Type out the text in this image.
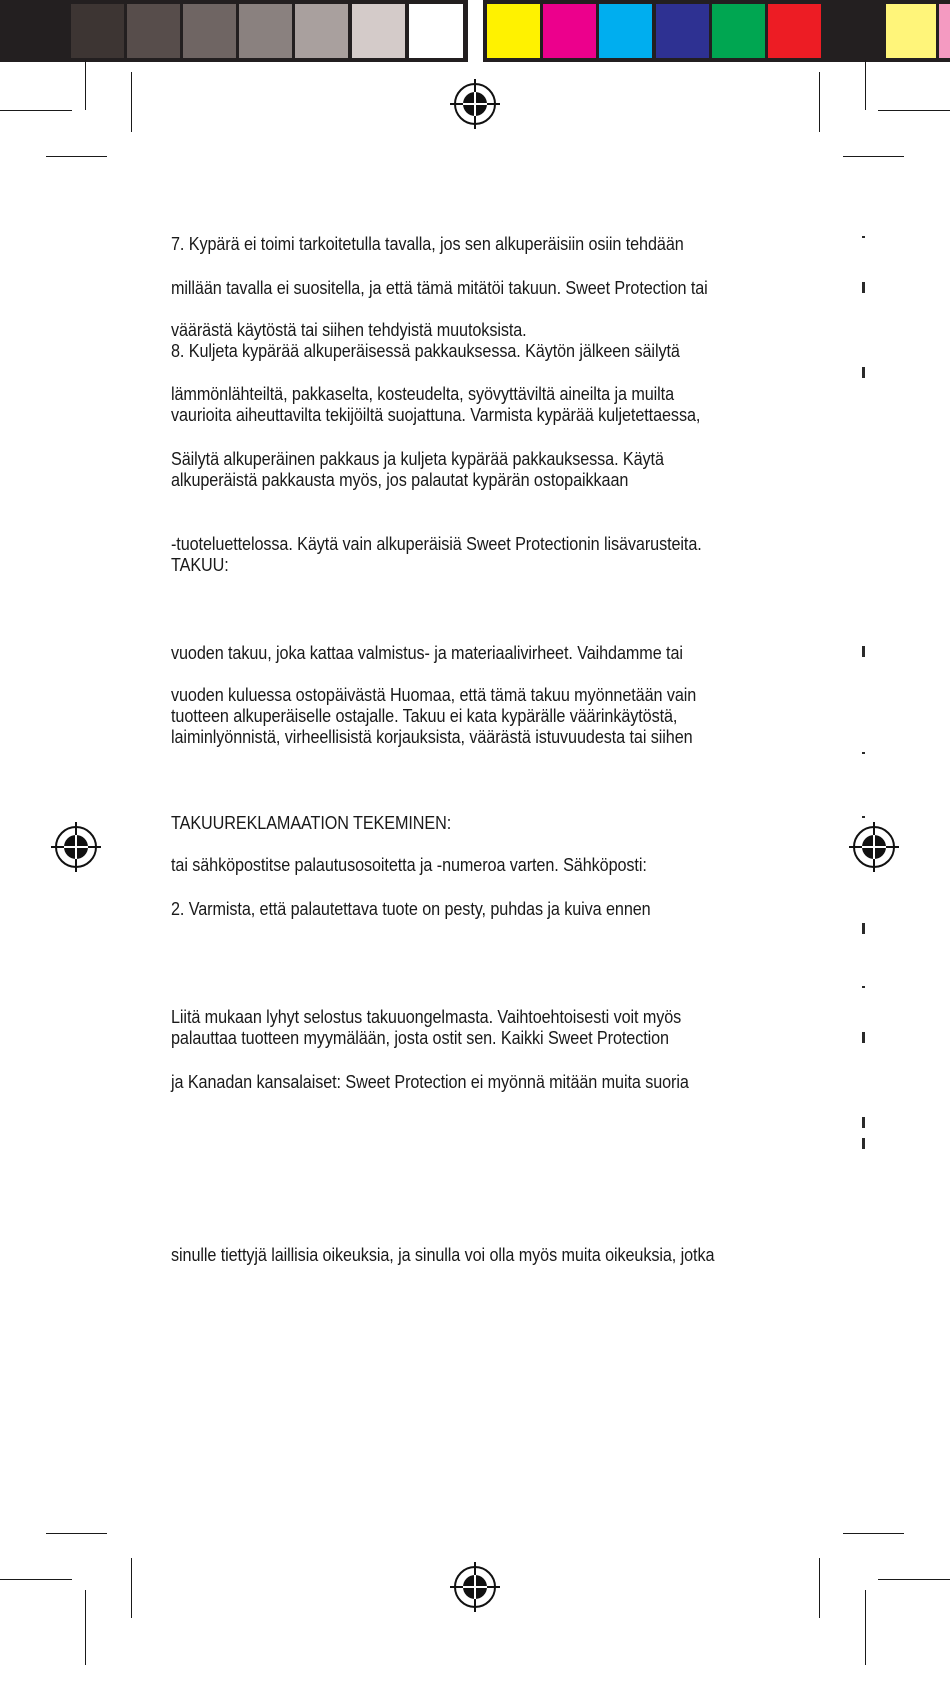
7. Kypärä ei toimi tarkoitetulla tavalla, jos sen alkuperäisiin osiin tehdään
millään tavalla ei suositella, ja että tämä mitätöi takuun. Sweet Protection tai
väärästä käytöstä tai siihen tehdyistä muutoksista.
8. Kuljeta kypärää alkuperäisessä pakkauksessa. Käytön jälkeen säilytä
lämmönlähteiltä, pakkaselta, kosteudelta, syövyttäviltä aineilta ja muilta
vaurioita aiheuttavilta tekijöiltä suojattuna. Varmista kypärää kuljetettaessa,
Säilytä alkuperäinen pakkaus ja kuljeta kypärää pakkauksessa. Käytä
alkuperäistä pakkausta myös, jos palautat kypärän ostopaikkaan
-tuoteluettelossa. Käytä vain alkuperäisiä Sweet Protectionin lisävarusteita.
TAKUU:
vuoden takuu, joka kattaa valmistus- ja materiaalivirheet. Vaihdamme tai
vuoden kuluessa ostopäivästä Huomaa, että tämä takuu myönnetään vain
tuotteen alkuperäiselle ostajalle. Takuu ei kata kypärälle väärinkäytöstä,
laiminlyönnistä, virheellisistä korjauksista, väärästä istuvuudesta tai siihen
TAKUUREKLAMAATION TEKEMINEN:
tai sähköpostitse palautusosoitetta ja -numeroa varten. Sähköposti:
2. Varmista, että palautettava tuote on pesty, puhdas ja kuiva ennen
Liitä mukaan lyhyt selostus takuuongelmasta. Vaihtoehtoisesti voit myös
palauttaa tuotteen myymälään, josta ostit sen. Kaikki Sweet Protection
ja Kanadan kansalaiset: Sweet Protection ei myönnä mitään muita suoria
sinulle tiettyjä laillisia oikeuksia, ja sinulla voi olla myös muita oikeuksia, jotka
